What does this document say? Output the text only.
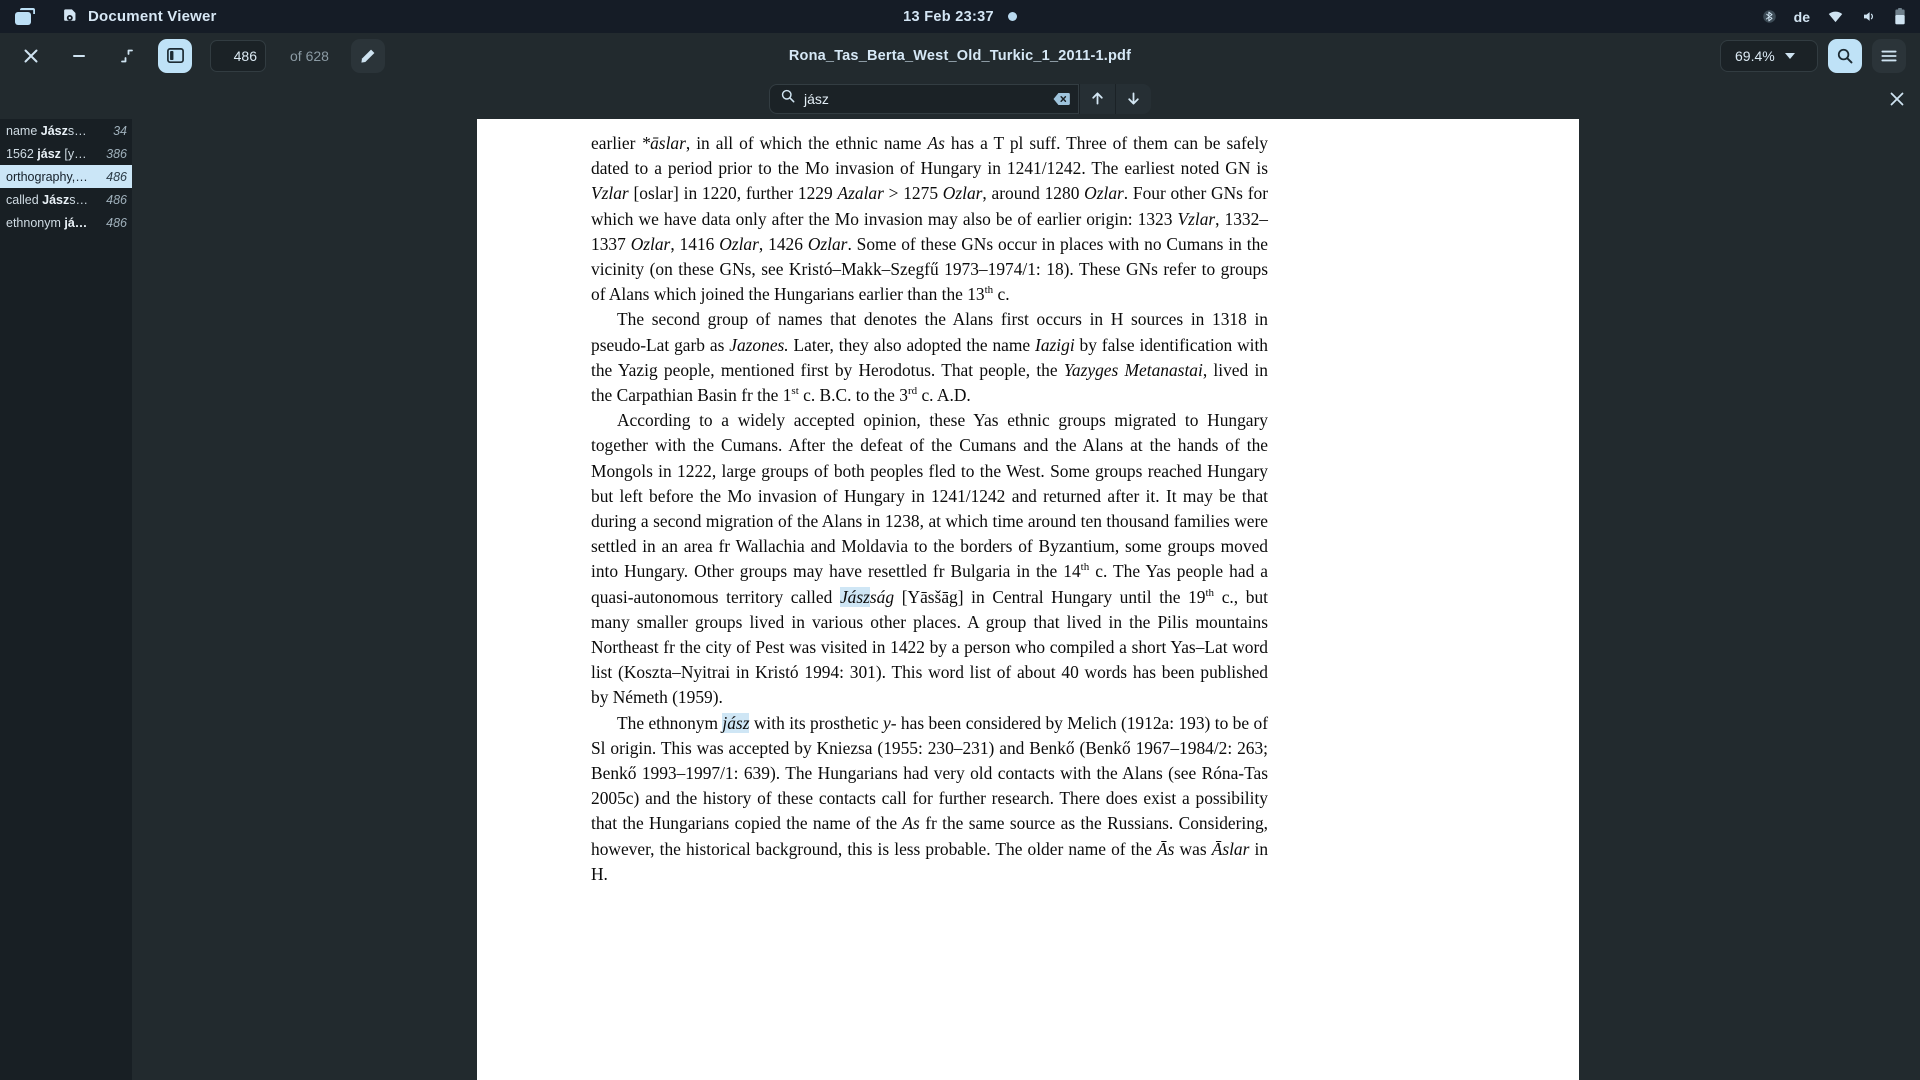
Document Viewer	13 Feb 23:37	de
486 of 628	Rona_Tas_Berta_West_Old_Turkic_1_2011-1.pdf	69.4%
jász
name Jászs…	34
1562 jász [y…	386
orthography,…	486
called Jászs…	486
ethnonym já…	486

earlier *āslar, in all of which the ethnic name As has a T pl suff. Three of them can be safely dated to a period prior to the Mo invasion of Hungary in 1241/1242. The earliest noted GN is Vzlar [oslar] in 1220, further 1229 Azalar > 1275 Ozlar, around 1280 Ozlar. Four other GNs for which we have data only after the Mo invasion may also be of earlier origin: 1323 Vzlar, 1332–1337 Ozlar, 1416 Ozlar, 1426 Ozlar. Some of these GNs occur in places with no Cumans in the vicinity (on these GNs, see Kristó–Makk–Szegfű 1973–1974/1: 18). These GNs refer to groups of Alans which joined the Hungarians earlier than the 13th c.

The second group of names that denotes the Alans first occurs in H sources in 1318 in pseudo-Lat garb as Jazones. Later, they also adopted the name Iazigi by false identification with the Yazig people, mentioned first by Herodotus. That people, the Yazyges Metanastai, lived in the Carpathian Basin fr the 1st c. B.C. to the 3rd c. A.D.

According to a widely accepted opinion, these Yas ethnic groups migrated to Hungary together with the Cumans. After the defeat of the Cumans and the Alans at the hands of the Mongols in 1222, large groups of both peoples fled to the West. Some groups reached Hungary but left before the Mo invasion of Hungary in 1241/1242 and returned after it. It may be that during a second migration of the Alans in 1238, at which time around ten thousand families were settled in an area fr Wallachia and Moldavia to the borders of Byzantium, some groups moved into Hungary. Other groups may have resettled fr Bulgaria in the 14th c. The Yas people had a quasi-autonomous territory called Jászság [Yāsšāg] in Central Hungary until the 19th c., but many smaller groups lived in various other places. A group that lived in the Pilis mountains Northeast fr the city of Pest was visited in 1422 by a person who compiled a short Yas–Lat word list (Koszta–Nyitrai in Kristó 1994: 301). This word list of about 40 words has been published by Németh (1959).

The ethnonym jász with its prosthetic y- has been considered by Melich (1912a: 193) to be of Sl origin. This was accepted by Kniezsa (1955: 230–231) and Benkő (Benkő 1967–1984/2: 263; Benkő 1993–1997/1: 639). The Hungarians had very old contacts with the Alans (see Róna-Tas 2005c) and the history of these contacts call for further research. There does exist a possibility that the Hungarians copied the name of the As fr the same source as the Russians. Considering, however, the historical background, this is less probable. The older name of the Ās was Āslar in H.
